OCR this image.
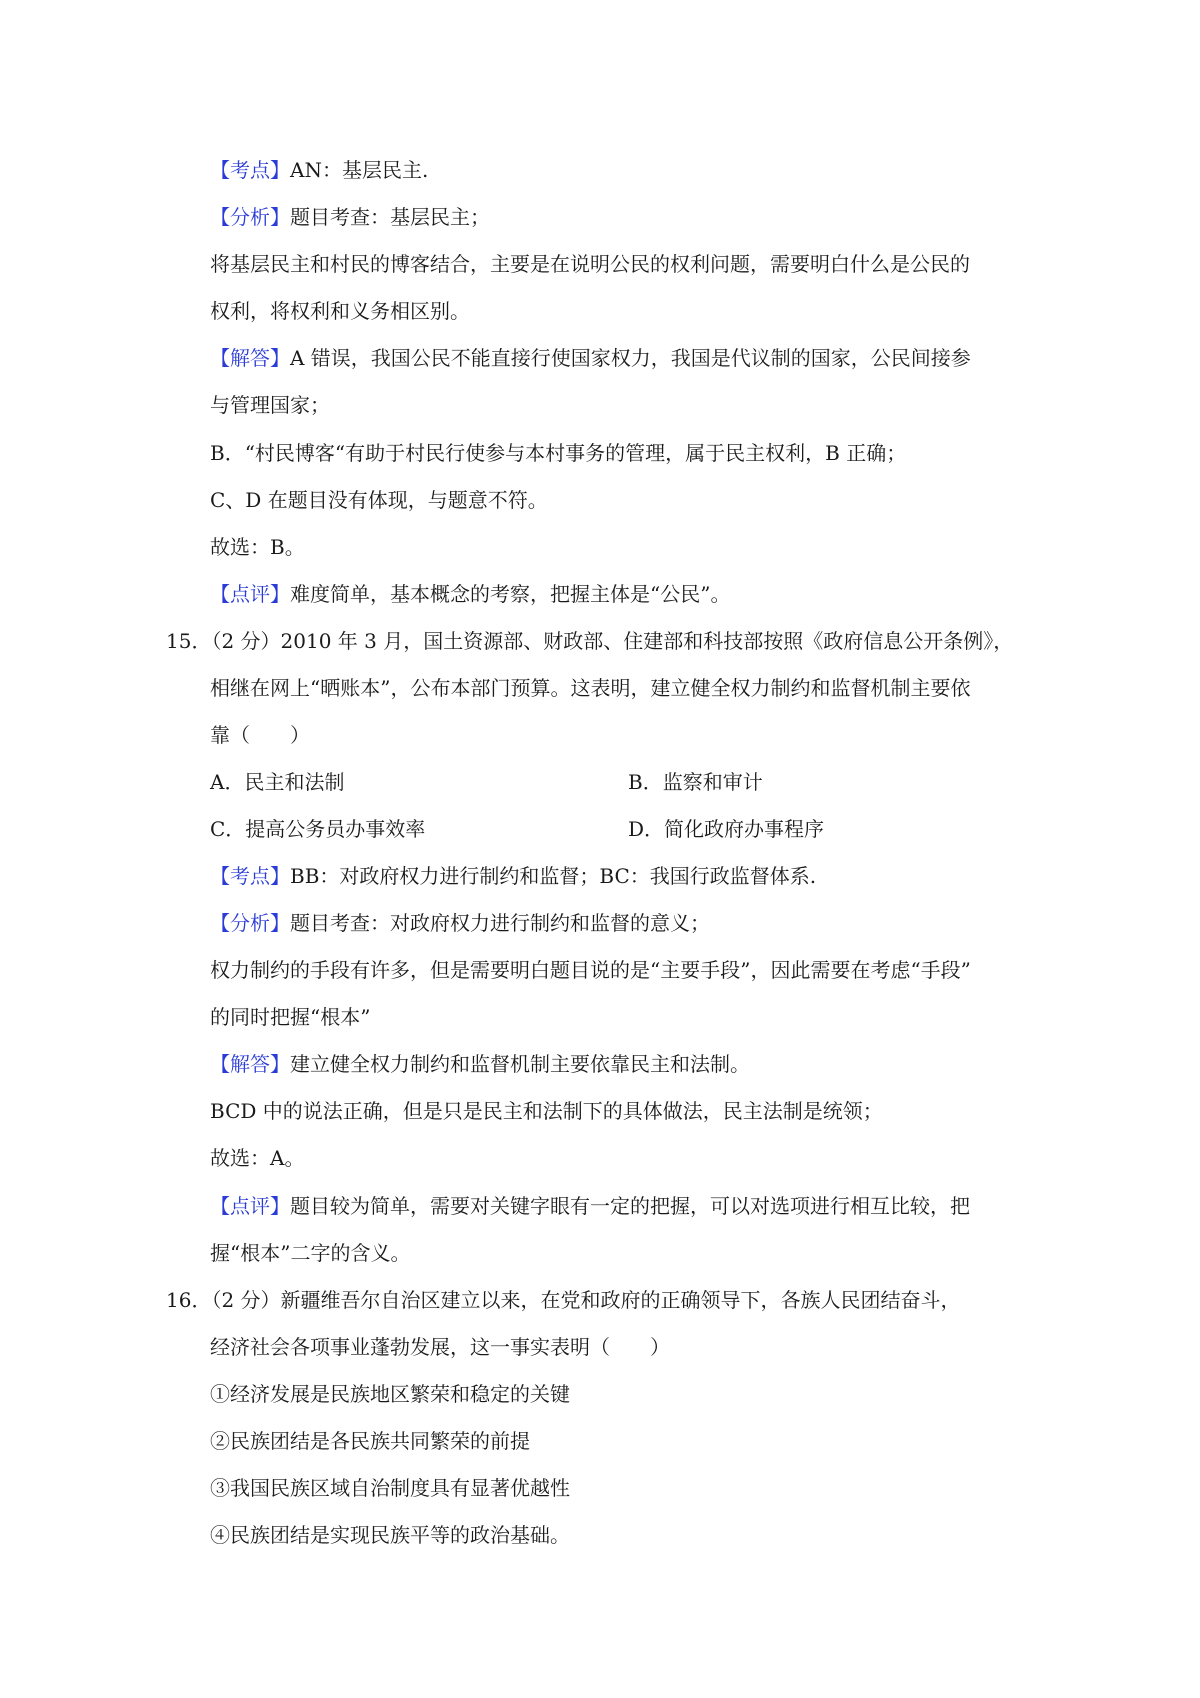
【考点】AN：基层民主.
【分析】题目考查：基层民主；
将基层民主和村民的博客结合，主要是在说明公民的权利问题，需要明白什么是公民的
权利，将权利和义务相区别。
【解答】A 错误，我国公民不能直接行使国家权力，我国是代议制的国家，公民间接参
与管理国家；
B．“村民博客“有助于村民行使参与本村事务的管理，属于民主权利，B 正确；
C、D 在题目没有体现，与题意不符。
故选：B。
【点评】难度简单，基本概念的考察，把握主体是“公民”。
15．（2 分）2010 年 3 月，国土资源部、财政部、住建部和科技部按照《政府信息公开条例》，
相继在网上“晒账本”，公布本部门预算。这表明，建立健全权力制约和监督机制主要依
靠（　　）
A．民主和法制	B．监察和审计
C．提高公务员办事效率	D．简化政府办事程序
【考点】BB：对政府权力进行制约和监督；BC：我国行政监督体系.
【分析】题目考查：对政府权力进行制约和监督的意义；
权力制约的手段有许多，但是需要明白题目说的是“主要手段”，因此需要在考虑“手段”
的同时把握“根本”
【解答】建立健全权力制约和监督机制主要依靠民主和法制。
BCD 中的说法正确，但是只是民主和法制下的具体做法，民主法制是统领；
故选：A。
【点评】题目较为简单，需要对关键字眼有一定的把握，可以对选项进行相互比较，把
握“根本”二字的含义。
16．（2 分）新疆维吾尔自治区建立以来，在党和政府的正确领导下，各族人民团结奋斗，
经济社会各项事业蓬勃发展，这一事实表明（　　）
①经济发展是民族地区繁荣和稳定的关键
②民族团结是各民族共同繁荣的前提
③我国民族区域自治制度具有显著优越性
④民族团结是实现民族平等的政治基础。
